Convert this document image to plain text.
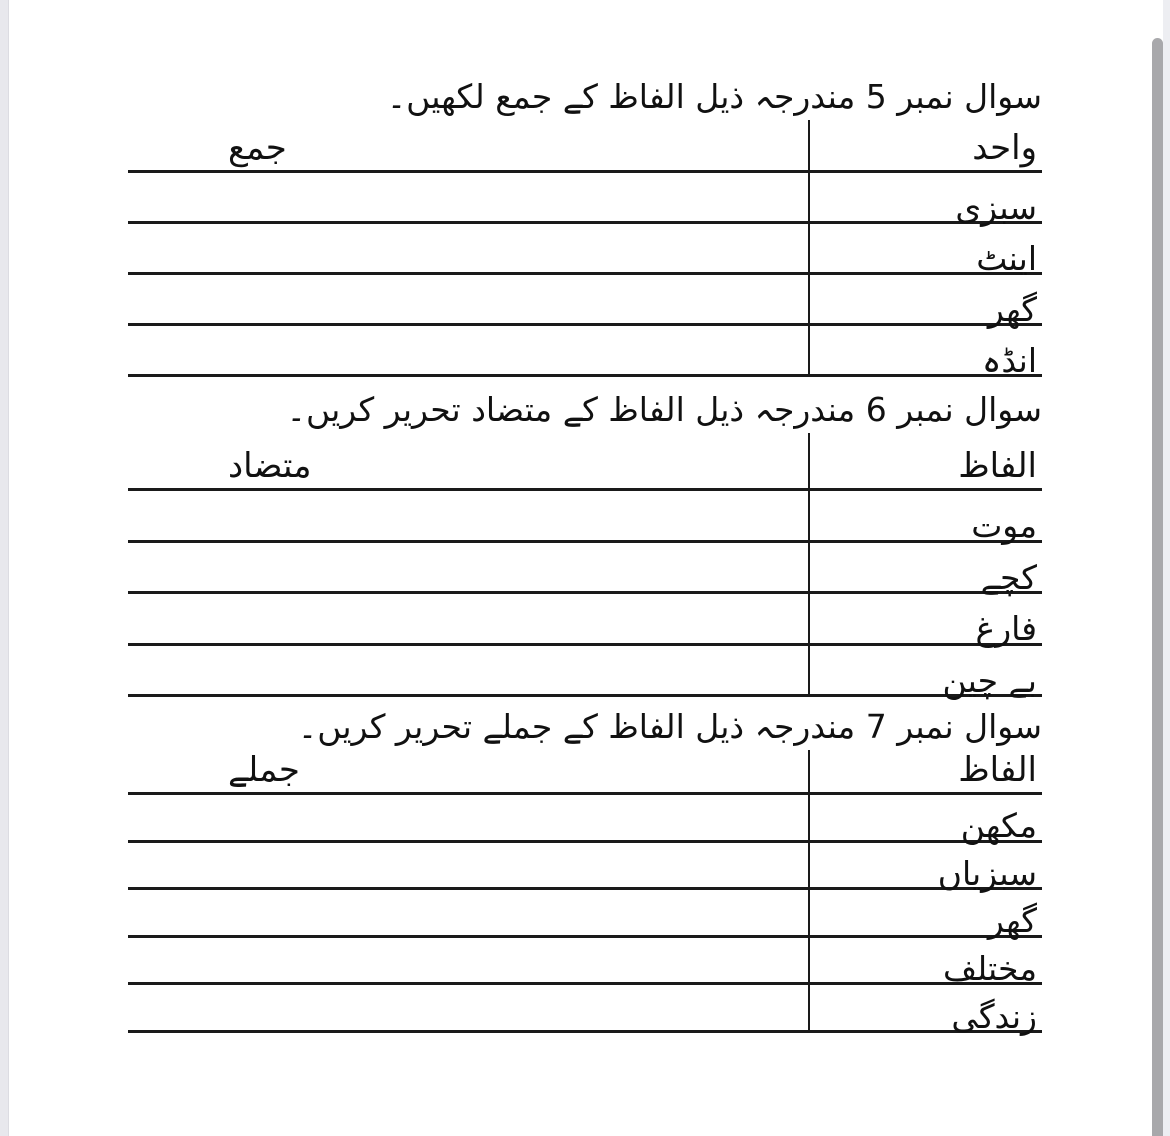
سوال نمبر 5 مندرجہ ذیل الفاظ کے جمع لکھیں۔
واحد
جمع
سبزی
اینٹ
گھر
انڈہ
سوال نمبر 6 مندرجہ ذیل الفاظ کے متضاد تحریر کریں۔
الفاظ
متضاد
موت
کچے
فارغ
بے چین
سوال نمبر 7 مندرجہ ذیل الفاظ کے جملے تحریر کریں۔
الفاظ
جملے
مکھن
سبزیاں
گھر
مختلف
زندگی
